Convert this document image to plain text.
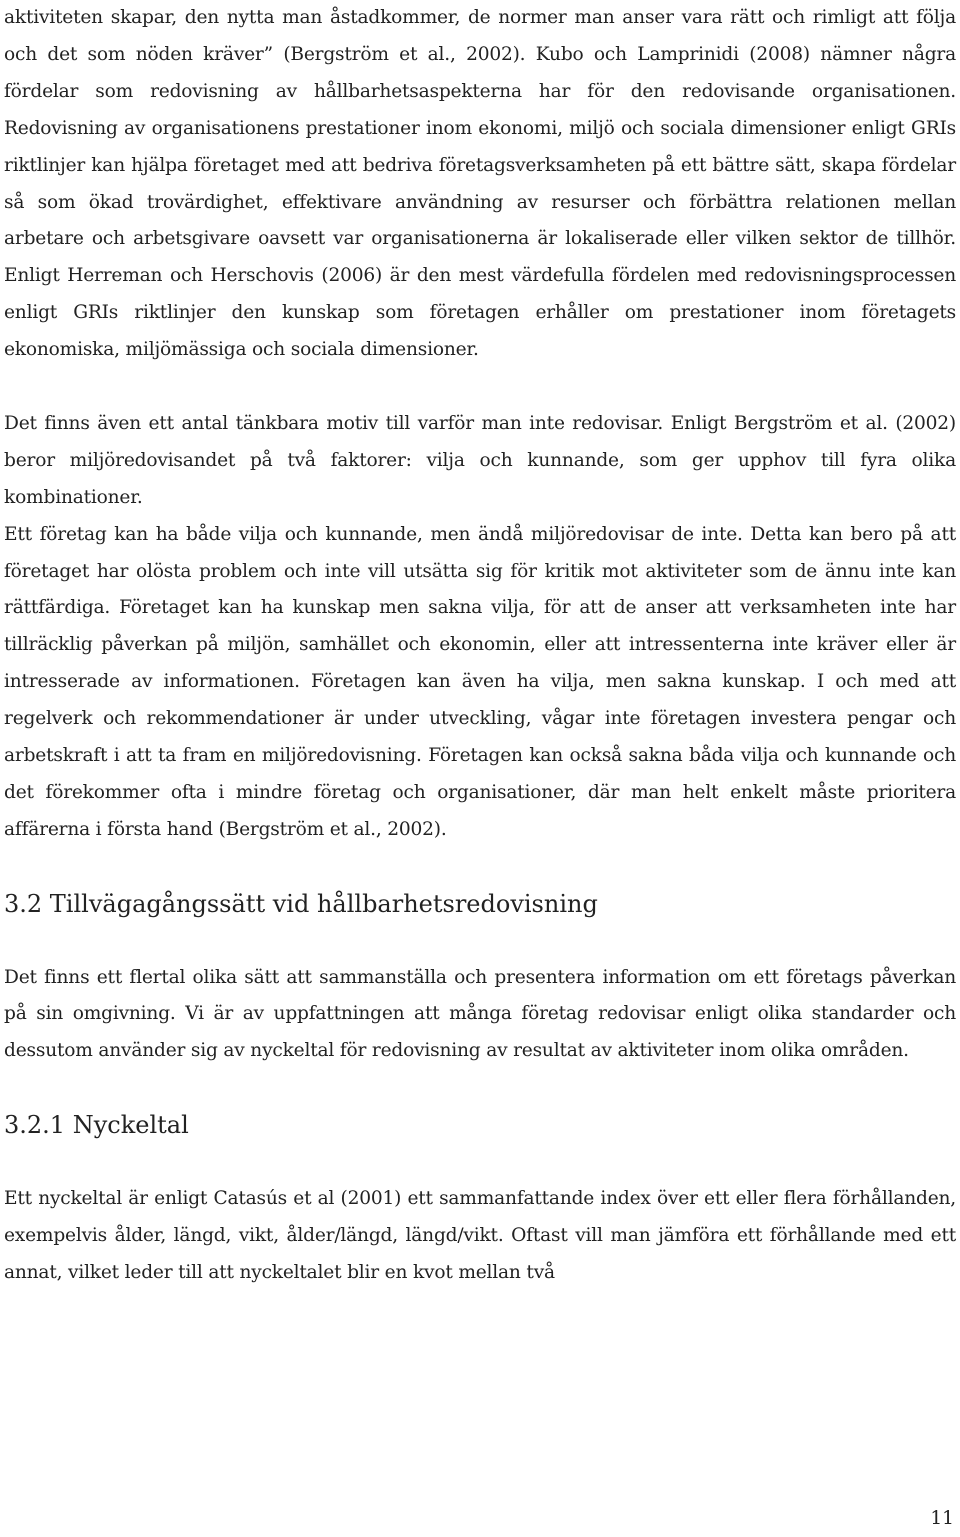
aktiviteten skapar, den nytta man åstadkommer, de normer man anser vara rätt och rimligt att följa och det som nöden kräver” (Bergström et al., 2002). Kubo och Lamprinidi (2008) nämner några fördelar som redovisning av hållbarhetsaspekterna har för den redovisande organisationen. Redovisning av organisationens prestationer inom ekonomi, miljö och sociala dimensioner enligt GRIs riktlinjer kan hjälpa företaget med att bedriva företagsverksamheten på ett bättre sätt, skapa fördelar så som ökad trovärdighet, effektivare användning av resurser och förbättra relationen mellan arbetare och arbetsgivare oavsett var organisationerna är lokaliserade eller vilken sektor de tillhör. Enligt Herreman och Herschovis (2006) är den mest värdefulla fördelen med redovisningsprocessen enligt GRIs riktlinjer den kunskap som företagen erhåller om prestationer inom företagets ekonomiska, miljömässiga och sociala dimensioner.

Det finns även ett antal tänkbara motiv till varför man inte redovisar. Enligt Bergström et al. (2002) beror miljöredovisandet på två faktorer: vilja och kunnande, som ger upphov till fyra olika kombinationer.

Ett företag kan ha både vilja och kunnande, men ändå miljöredovisar de inte. Detta kan bero på att företaget har olösta problem och inte vill utsätta sig för kritik mot aktiviteter som de ännu inte kan rättfärdiga. Företaget kan ha kunskap men sakna vilja, för att de anser att verksamheten inte har tillräcklig påverkan på miljön, samhället och ekonomin, eller att intressenterna inte kräver eller är intresserade av informationen. Företagen kan även ha vilja, men sakna kunskap. I och med att regelverk och rekommendationer är under utveckling, vågar inte företagen investera pengar och arbetskraft i att ta fram en miljöredovisning. Företagen kan också sakna båda vilja och kunnande och det förekommer ofta i mindre företag och organisationer, där man helt enkelt måste prioritera affärerna i första hand (Bergström et al., 2002).

3.2 Tillvägagångssätt vid hållbarhetsredovisning

Det finns ett flertal olika sätt att sammanställa och presentera information om ett företags påverkan på sin omgivning. Vi är av uppfattningen att många företag redovisar enligt olika standarder och dessutom använder sig av nyckeltal för redovisning av resultat av aktiviteter inom olika områden.

3.2.1 Nyckeltal

Ett nyckeltal är enligt Catasús et al (2001) ett sammanfattande index över ett eller flera förhållanden, exempelvis ålder, längd, vikt, ålder/längd, längd/vikt. Oftast vill man jämföra ett förhållande med ett annat, vilket leder till att nyckeltalet blir en kvot mellan två

11
